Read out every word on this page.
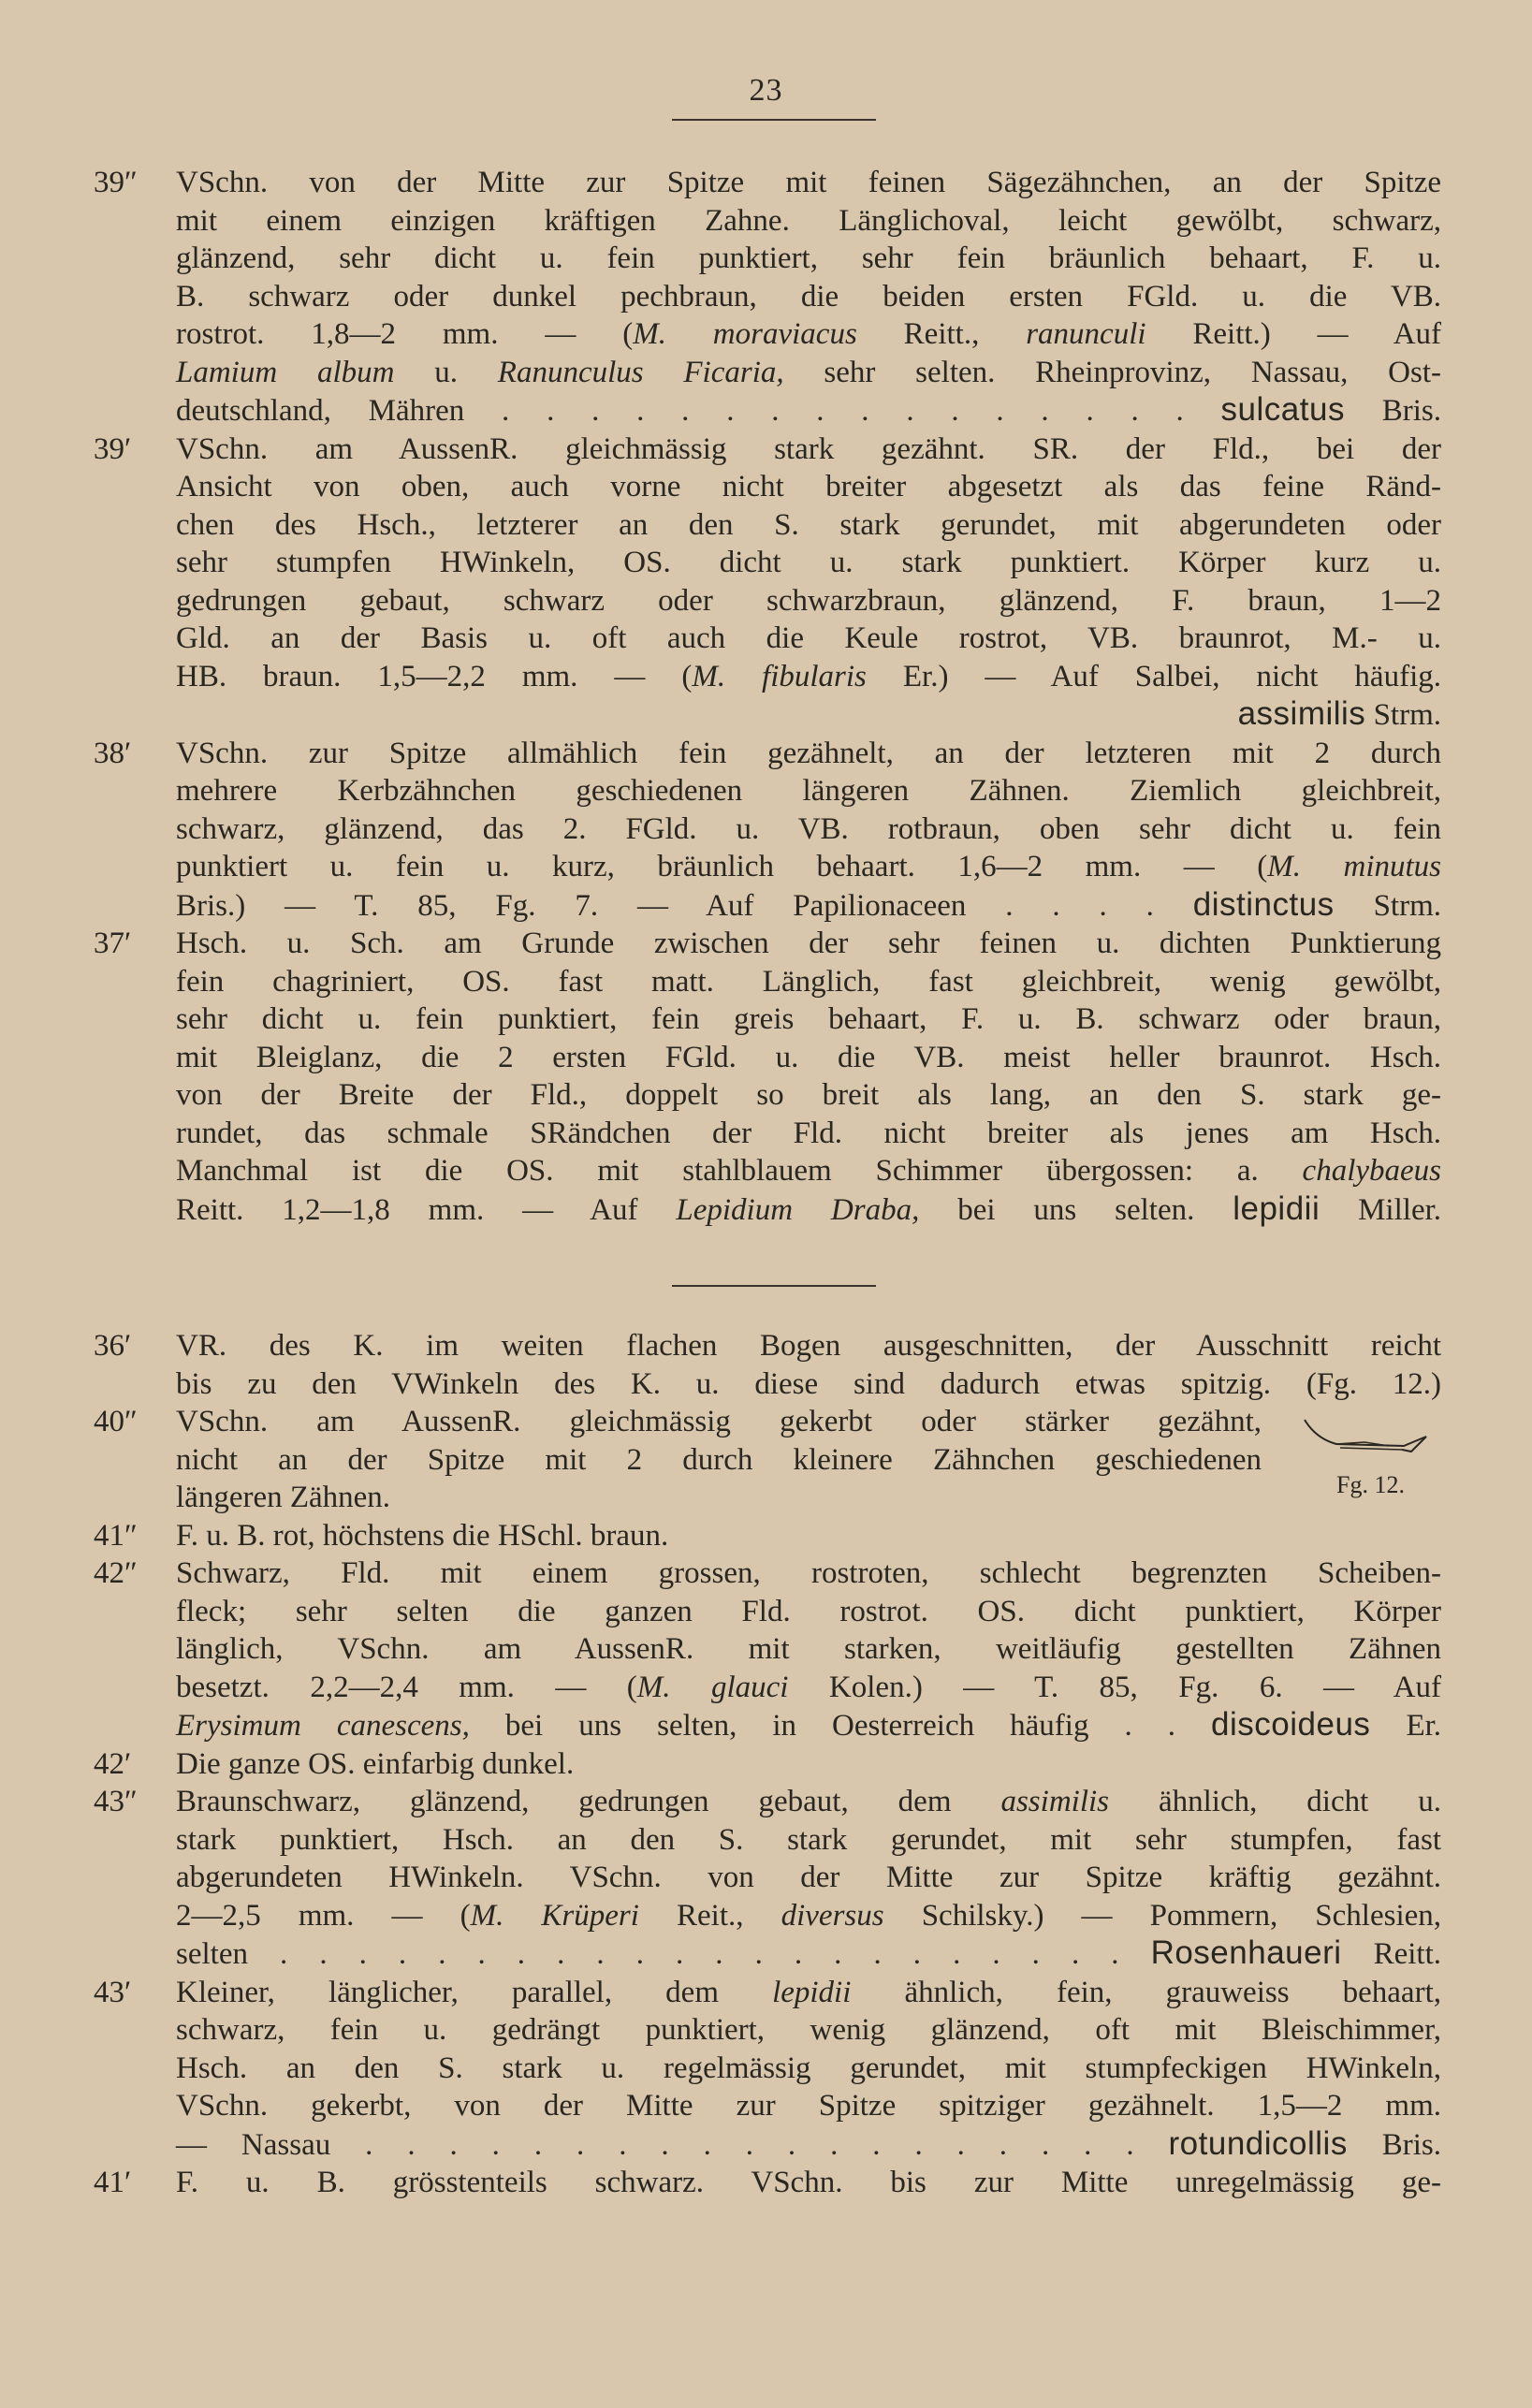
23
39″	VSchn. von der Mitte zur Spitze mit feinen Sägezähnchen, an der Spitze
mit einem einzigen kräftigen Zahne. Länglichoval, leicht gewölbt, schwarz,
glänzend, sehr dicht u. fein punktiert, sehr fein bräunlich behaart, F. u.
B. schwarz oder dunkel pechbraun, die beiden ersten FGld. u. die VB.
rostrot. 1,8—2 mm. — (M. moraviacus Reitt., ranunculi Reitt.) — Auf
Lamium album u. Ranunculus Ficaria, sehr selten. Rheinprovinz, Nassau, Ost-
deutschland, Mähren . . . . . . . . . . . . . . . . sulcatus Bris.
39′	VSchn. am AussenR. gleichmässig stark gezähnt. SR. der Fld., bei der
Ansicht von oben, auch vorne nicht breiter abgesetzt als das feine Ränd-
chen des Hsch., letzterer an den S. stark gerundet, mit abgerundeten oder
sehr stumpfen HWinkeln, OS. dicht u. stark punktiert. Körper kurz u.
gedrungen gebaut, schwarz oder schwarzbraun, glänzend, F. braun, 1—2
Gld. an der Basis u. oft auch die Keule rostrot, VB. braunrot, M.- u.
HB. braun. 1,5—2,2 mm. — (M. fibularis Er.) — Auf Salbei, nicht häufig.
assimilis Strm.
38′	VSchn. zur Spitze allmählich fein gezähnelt, an der letzteren mit 2 durch
mehrere Kerbzähnchen geschiedenen längeren Zähnen. Ziemlich gleichbreit,
schwarz, glänzend, das 2. FGld. u. VB. rotbraun, oben sehr dicht u. fein
punktiert u. fein u. kurz, bräunlich behaart. 1,6—2 mm. — (M. minutus
Bris.) — T. 85, Fg. 7. — Auf Papilionaceen . . . . distinctus Strm.
37′	Hsch. u. Sch. am Grunde zwischen der sehr feinen u. dichten Punktierung
fein chagriniert, OS. fast matt. Länglich, fast gleichbreit, wenig gewölbt,
sehr dicht u. fein punktiert, fein greis behaart, F. u. B. schwarz oder braun,
mit Bleiglanz, die 2 ersten FGld. u. die VB. meist heller braunrot. Hsch.
von der Breite der Fld., doppelt so breit als lang, an den S. stark ge-
rundet, das schmale SRändchen der Fld. nicht breiter als jenes am Hsch.
Manchmal ist die OS. mit stahlblauem Schimmer übergossen: a. chalybaeus
Reitt. 1,2—1,8 mm. — Auf Lepidium Draba, bei uns selten. lepidii Miller.
36′	VR. des K. im weiten flachen Bogen ausgeschnitten, der Ausschnitt reicht
bis zu den VWinkeln des K. u. diese sind dadurch etwas spitzig. (Fg. 12.)
40″	VSchn. am AussenR. gleichmässig gekerbt oder stärker gezähnt,
nicht an der Spitze mit 2 durch kleinere Zähnchen geschiedenen
längeren Zähnen.	Fg. 12.
41″	F. u. B. rot, höchstens die HSchl. braun.
42″	Schwarz, Fld. mit einem grossen, rostroten, schlecht begrenzten Scheiben-
fleck; sehr selten die ganzen Fld. rostrot. OS. dicht punktiert, Körper
länglich, VSchn. am AussenR. mit starken, weitläufig gestellten Zähnen
besetzt. 2,2—2,4 mm. — (M. glauci Kolen.) — T. 85, Fg. 6. — Auf
Erysimum canescens, bei uns selten, in Oesterreich häufig . . discoideus Er.
42′	Die ganze OS. einfarbig dunkel.
43″	Braunschwarz, glänzend, gedrungen gebaut, dem assimilis ähnlich, dicht u.
stark punktiert, Hsch. an den S. stark gerundet, mit sehr stumpfen, fast
abgerundeten HWinkeln. VSchn. von der Mitte zur Spitze kräftig gezähnt.
2—2,5 mm. — (M. Krüperi Reit., diversus Schilsky.) — Pommern, Schlesien,
selten . . . . . . . . . . . . . . . . . . . . . . Rosenhaueri Reitt.
43′	Kleiner, länglicher, parallel, dem lepidii ähnlich, fein, grauweiss behaart,
schwarz, fein u. gedrängt punktiert, wenig glänzend, oft mit Bleischimmer,
Hsch. an den S. stark u. regelmässig gerundet, mit stumpfeckigen HWinkeln,
VSchn. gekerbt, von der Mitte zur Spitze spitziger gezähnelt. 1,5—2 mm.
— Nassau . . . . . . . . . . . . . . . . . . . rotundicollis Bris.
41′	F. u. B. grösstenteils schwarz. VSchn. bis zur Mitte unregelmässig ge-
